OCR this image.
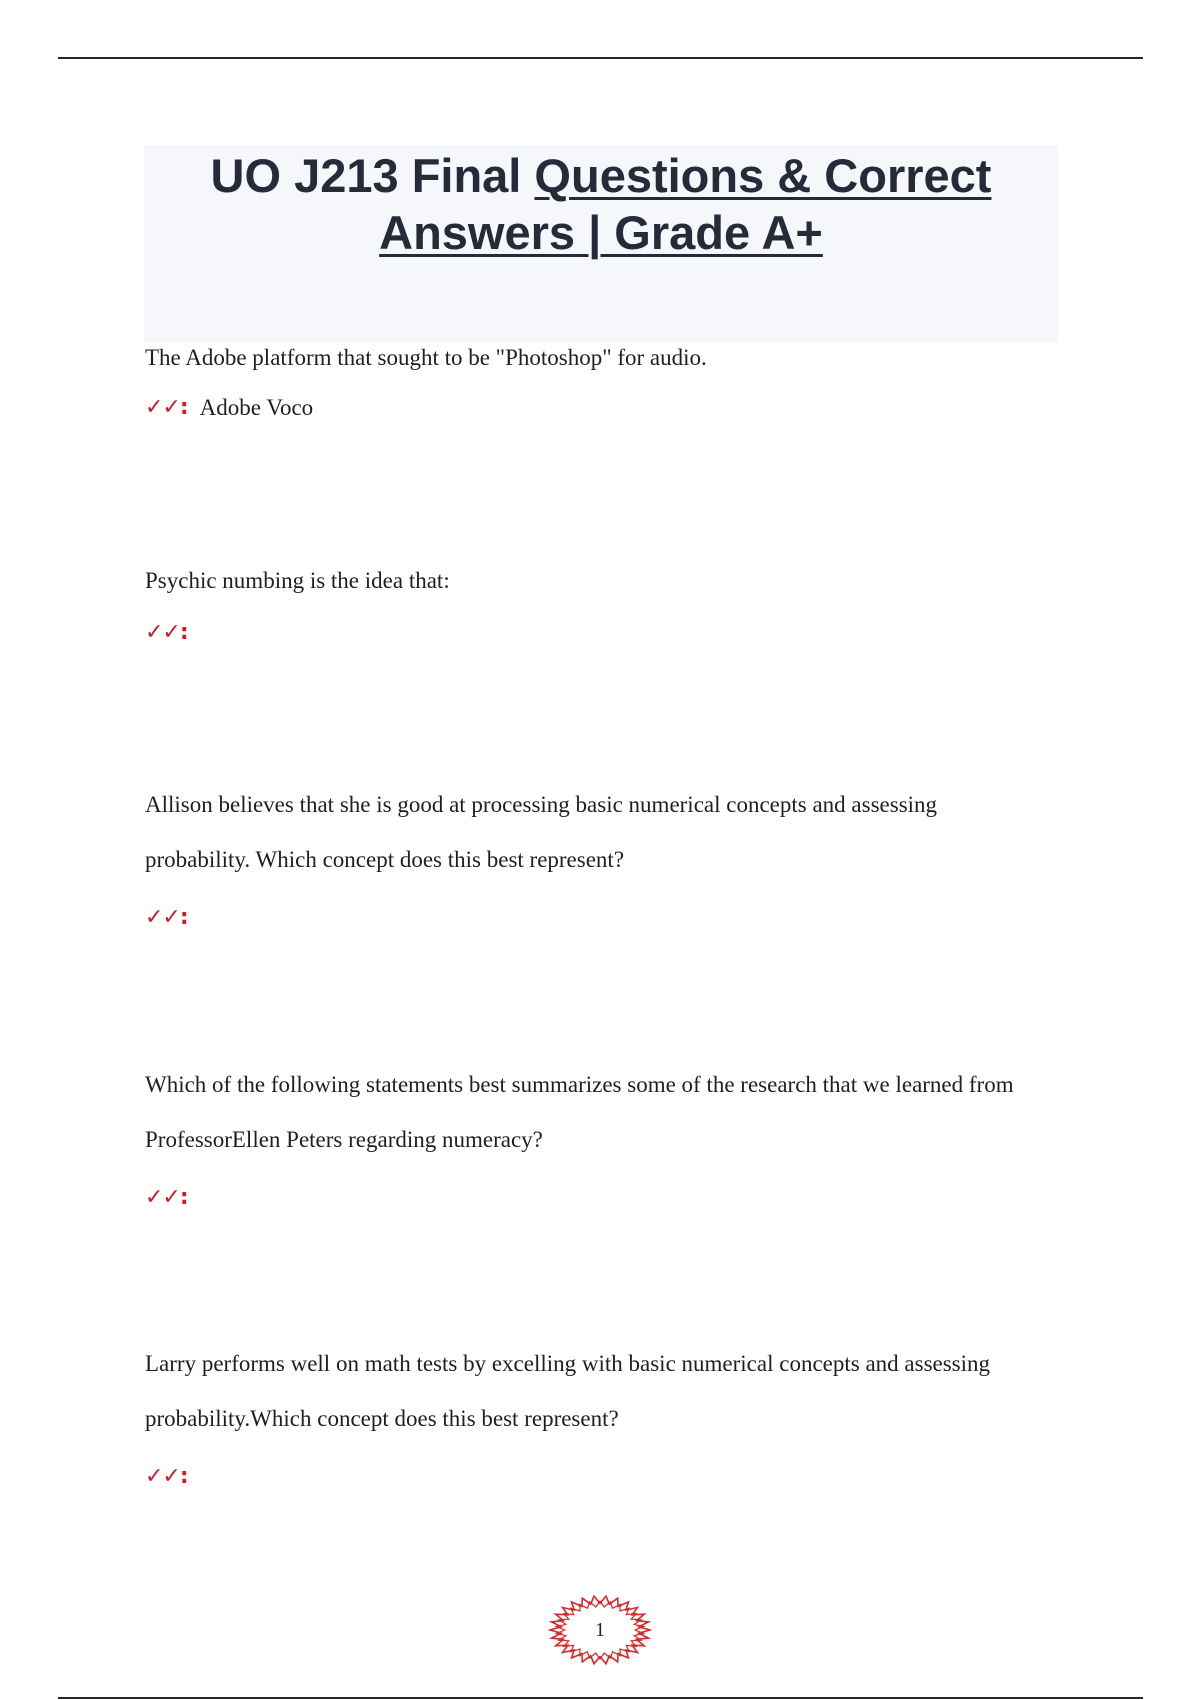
UO J213 Final Questions & Correct
Answers | Grade A+

The Adobe platform that sought to be "Photoshop" for audio.

✓✓: Adobe Voco

Psychic numbing is the idea that:

✓✓:

Allison believes that she is good at processing basic numerical concepts and assessing probability. Which concept does this best represent?

✓✓:

Which of the following statements best summarizes some of the research that we learned from ProfessorEllen Peters regarding numeracy?

✓✓:

Larry performs well on math tests by excelling with basic numerical concepts and assessing probability.Which concept does this best represent?

✓✓:

1
